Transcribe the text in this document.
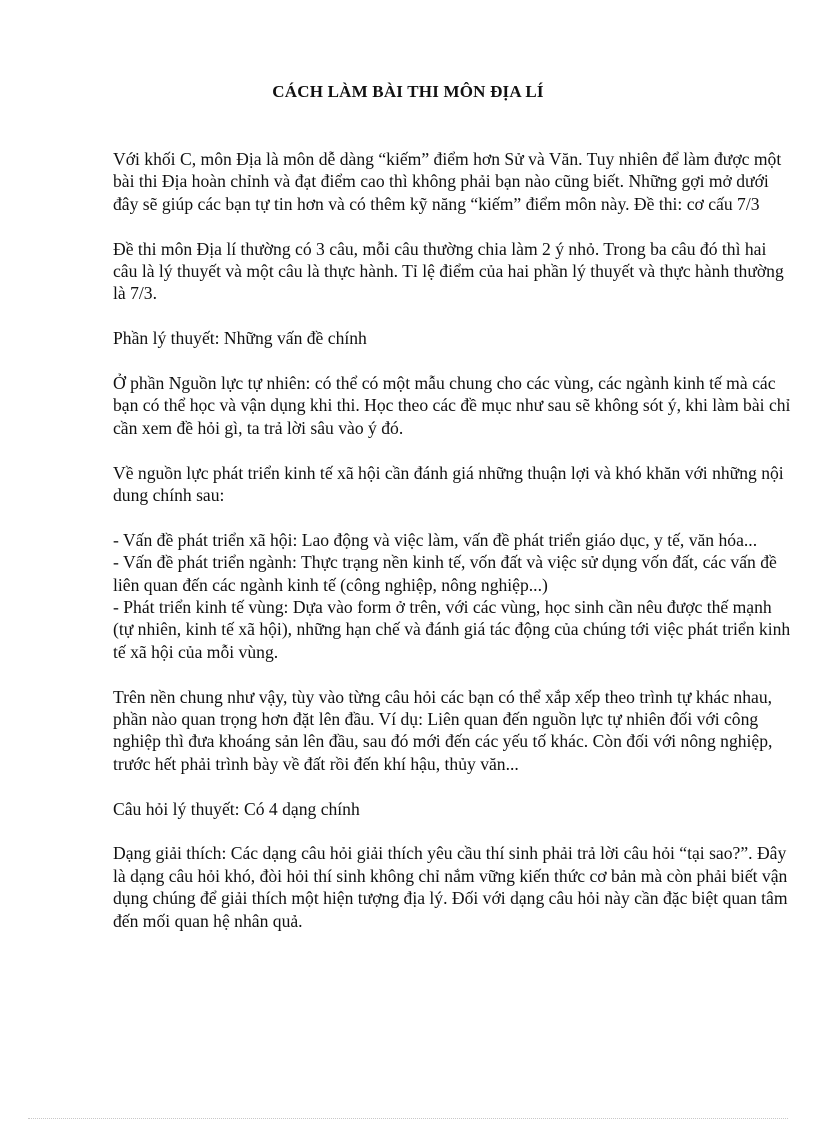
CÁCH LÀM BÀI THI MÔN ĐỊA LÍ

Với khối C, môn Địa là môn dễ dàng “kiếm” điểm hơn Sử và Văn. Tuy nhiên để làm được một bài thi Địa hoàn chỉnh và đạt điểm cao thì không phải bạn nào cũng biết. Những gợi mở dưới đây sẽ giúp các bạn tự tin hơn và có thêm kỹ năng “kiếm” điểm môn này. Đề thi: cơ cấu 7/3

Đề thi môn Địa lí thường có 3 câu, mỗi câu thường chia làm 2 ý nhỏ. Trong ba câu đó thì hai câu là lý thuyết và một câu là thực hành. Tỉ lệ điểm của hai phần lý thuyết và thực hành thường là 7/3.

Phần lý thuyết: Những vấn đề chính

Ở phần Nguồn lực tự nhiên: có thể có một mẫu chung cho các vùng, các ngành kinh tế mà các bạn có thể học và vận dụng khi thi. Học theo các đề mục như sau sẽ không sót ý, khi làm bài chỉ cần xem đề hỏi gì, ta trả lời sâu vào ý đó.

Về nguồn lực phát triển kinh tế xã hội cần đánh giá những thuận lợi và khó khăn với những nội dung chính sau:

- Vấn đề phát triển xã hội: Lao động và việc làm, vấn đề phát triển giáo dục, y tế, văn hóa...

- Vấn đề phát triển ngành: Thực trạng nền kinh tế, vốn đất và việc sử dụng vốn đất, các vấn đề liên quan đến các ngành kinh tế (công nghiệp, nông nghiệp...)

- Phát triển kinh tế vùng: Dựa vào form ở trên, với các vùng, học sinh cần nêu được thế mạnh (tự nhiên, kinh tế xã hội), những hạn chế và đánh giá tác động của chúng tới việc phát triển kinh tế xã hội của mỗi vùng.

Trên nền chung như vậy, tùy vào từng câu hỏi các bạn có thể xắp xếp theo trình tự khác nhau, phần nào quan trọng hơn đặt lên đầu. Ví dụ: Liên quan đến nguồn lực tự nhiên đối với công nghiệp thì đưa khoáng sản lên đầu, sau đó mới đến các yếu tố khác. Còn đối với nông nghiệp, trước hết phải trình bày về đất rồi đến khí hậu, thủy văn...

Câu hỏi lý thuyết: Có 4 dạng chính

Dạng giải thích: Các dạng câu hỏi giải thích yêu cầu thí sinh phải trả lời câu hỏi “tại sao?”. Đây là dạng câu hỏi khó, đòi hỏi thí sinh không chỉ nắm vững kiến thức cơ bản mà còn phải biết vận dụng chúng để giải thích một hiện tượng địa lý. Đối với dạng câu hỏi này cần đặc biệt quan tâm đến mối quan hệ nhân quả.
